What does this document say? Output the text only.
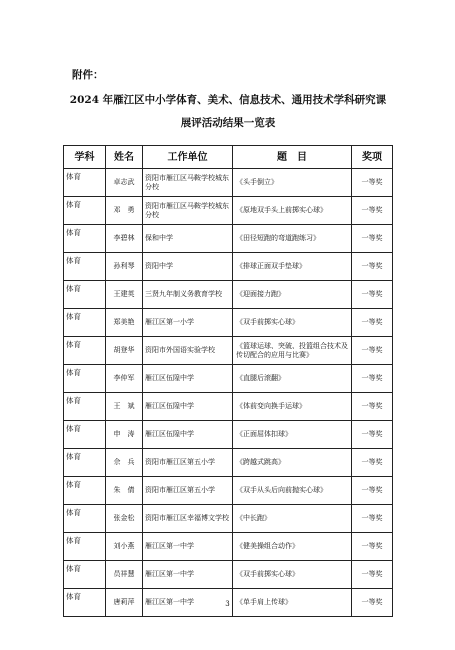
附件：
2024 年雁江区中小学体育、美术、信息技术、通用技术学科研究课
展评活动结果一览表
学科	姓名	工作单位	题　目	奖项
体育	卓志武	资阳市雁江区马鞍学校城东分校	《头手倒立》	一等奖
体育	邓　勇	资阳市雁江区马鞍学校城东分校	《原地双手头上前掷实心球》	一等奖
体育	李碧林	保和中学	《田径短跑的弯道跑练习》	一等奖
体育	孙利琴	资阳中学	《排球正面双手垫球》	一等奖
体育	王建英	三贤九年制义务教育学校	《迎面接力跑》	一等奖
体育	郑美艳	雁江区第一小学	《双手前掷实心球》	一等奖
体育	胡登华	资阳市外国语实验学校	《篮球运球、突破、投篮组合技术及传切配合的应用与比赛》	一等奖
体育	李仲军	雁江区伍隍中学	《直腿后滚翻》	一等奖
体育	王　斌	雁江区伍隍中学	《体前变向换手运球》	一等奖
体育	申　涛	雁江区伍隍中学	《正面屈体扣球》	一等奖
体育	佘　兵	资阳市雁江区第五小学	《跨越式跳高》	一等奖
体育	朱　倩	资阳市雁江区第五小学	《双手从头后向前抛实心球》	一等奖
体育	张金松	资阳市雁江区幸福博文学校	《中长跑》	一等奖
体育	刘小燕	雁江区第一中学	《健美操组合动作》	一等奖
体育	员祥慧	雁江区第一中学	《双手前掷实心球》	一等奖
体育	唐莉萍	雁江区第一中学	《单手肩上传球》	一等奖
3
